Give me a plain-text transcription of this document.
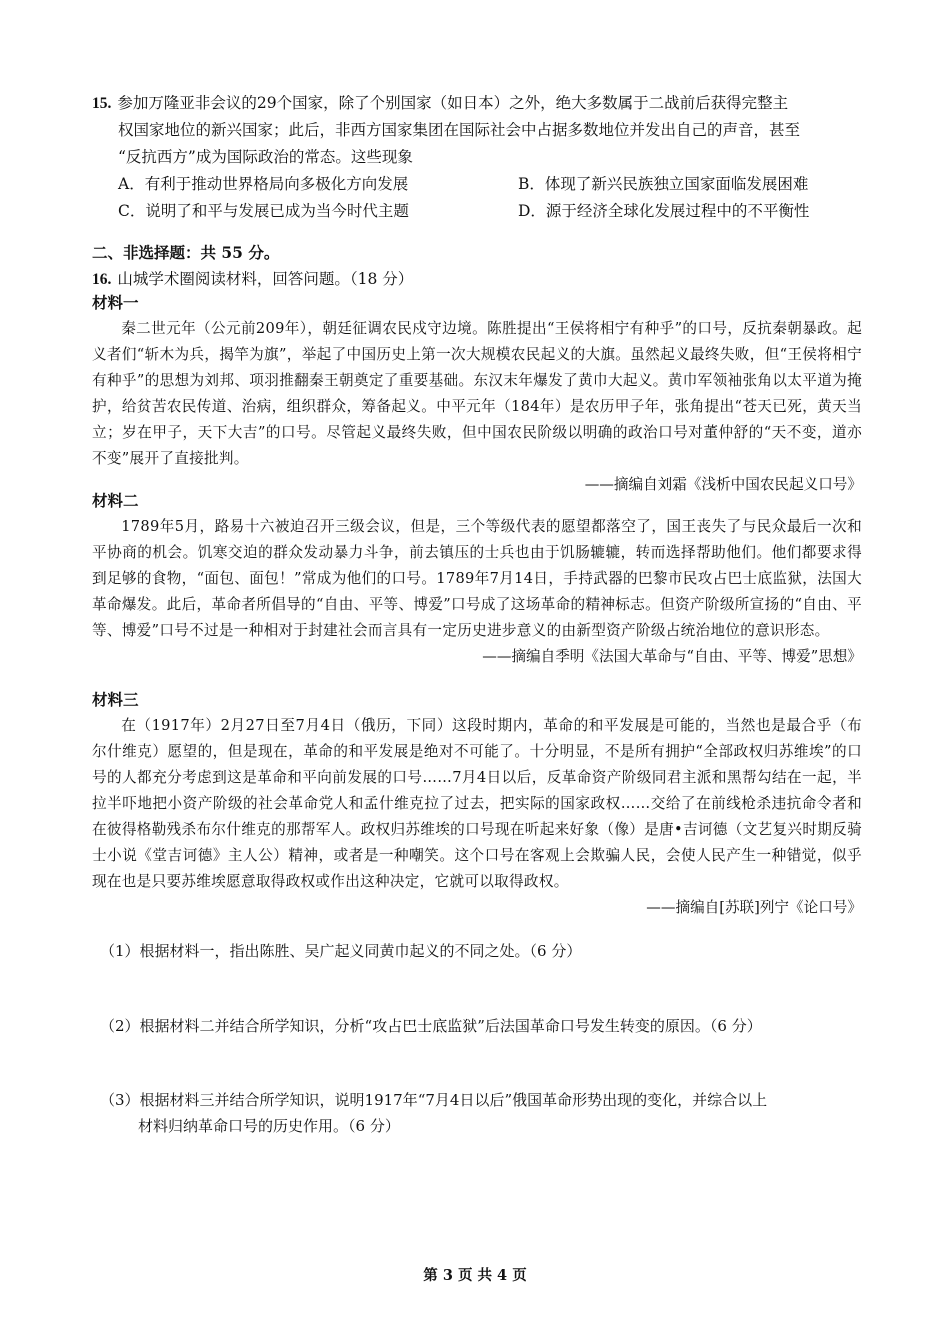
15. 参加万隆亚非会议的29个国家，除了个别国家（如日本）之外，绝大多数属于二战前后获得完整主
权国家地位的新兴国家；此后，非西方国家集团在国际社会中占据多数地位并发出自己的声音，甚至
“反抗西方”成为国际政治的常态。这些现象
A．有利于推动世界格局向多极化方向发展	B．体现了新兴民族独立国家面临发展困难
C．说明了和平与发展已成为当今时代主题	D．源于经济全球化发展过程中的不平衡性
二、非选择题：共 55 分。
16. 山城学术圈阅读材料，回答问题。（18 分）
材料一
秦二世元年（公元前209年），朝廷征调农民戍守边境。陈胜提出“王侯将相宁有种乎”的口号，反抗秦朝暴政。起义者们“斩木为兵，揭竿为旗”，举起了中国历史上第一次大规模农民起义的大旗。虽然起义最终失败，但“王侯将相宁有种乎”的思想为刘邦、项羽推翻秦王朝奠定了重要基础。东汉末年爆发了黄巾大起义。黄巾军领袖张角以太平道为掩护，给贫苦农民传道、治病，组织群众，筹备起义。中平元年（184年）是农历甲子年，张角提出“苍天已死，黄天当立；岁在甲子，天下大吉”的口号。尽管起义最终失败，但中国农民阶级以明确的政治口号对董仲舒的“天不变，道亦不变”展开了直接批判。
——摘编自刘霜《浅析中国农民起义口号》
材料二
1789年5月，路易十六被迫召开三级会议，但是，三个等级代表的愿望都落空了，国王丧失了与民众最后一次和平协商的机会。饥寒交迫的群众发动暴力斗争，前去镇压的士兵也由于饥肠辘辘，转而选择帮助他们。他们都要求得到足够的食物，“面包、面包！”常成为他们的口号。1789年7月14日，手持武器的巴黎市民攻占巴士底监狱，法国大革命爆发。此后，革命者所倡导的“自由、平等、博爱”口号成了这场革命的精神标志。但资产阶级所宣扬的“自由、平等、博爱”口号不过是一种相对于封建社会而言具有一定历史进步意义的由新型资产阶级占统治地位的意识形态。
——摘编自季明《法国大革命与“自由、平等、博爱”思想》
材料三
在（1917年）2月27日至7月4日（俄历，下同）这段时期内，革命的和平发展是可能的，当然也是最合乎（布尔什维克）愿望的，但是现在，革命的和平发展是绝对不可能了。十分明显，不是所有拥护“全部政权归苏维埃”的口号的人都充分考虑到这是革命和平向前发展的口号……7月4日以后，反革命资产阶级同君主派和黑帮勾结在一起，半拉半吓地把小资产阶级的社会革命党人和孟什维克拉了过去，把实际的国家政权……交给了在前线枪杀违抗命令者和在彼得格勒残杀布尔什维克的那帮军人。政权归苏维埃的口号现在听起来好象（像）是唐•吉诃德（文艺复兴时期反骑士小说《堂吉诃德》主人公）精神，或者是一种嘲笑。这个口号在客观上会欺骗人民，会使人民产生一种错觉，似乎现在也是只要苏维埃愿意取得政权或作出这种决定，它就可以取得政权。
——摘编自[苏联]列宁《论口号》
（1）根据材料一，指出陈胜、吴广起义同黄巾起义的不同之处。（6 分）
（2）根据材料二并结合所学知识，分析“攻占巴士底监狱”后法国革命口号发生转变的原因。（6 分）
（3）根据材料三并结合所学知识，说明1917年“7月4日以后”俄国革命形势出现的变化，并综合以上
材料归纳革命口号的历史作用。（6 分）
第 3 页 共 4 页
